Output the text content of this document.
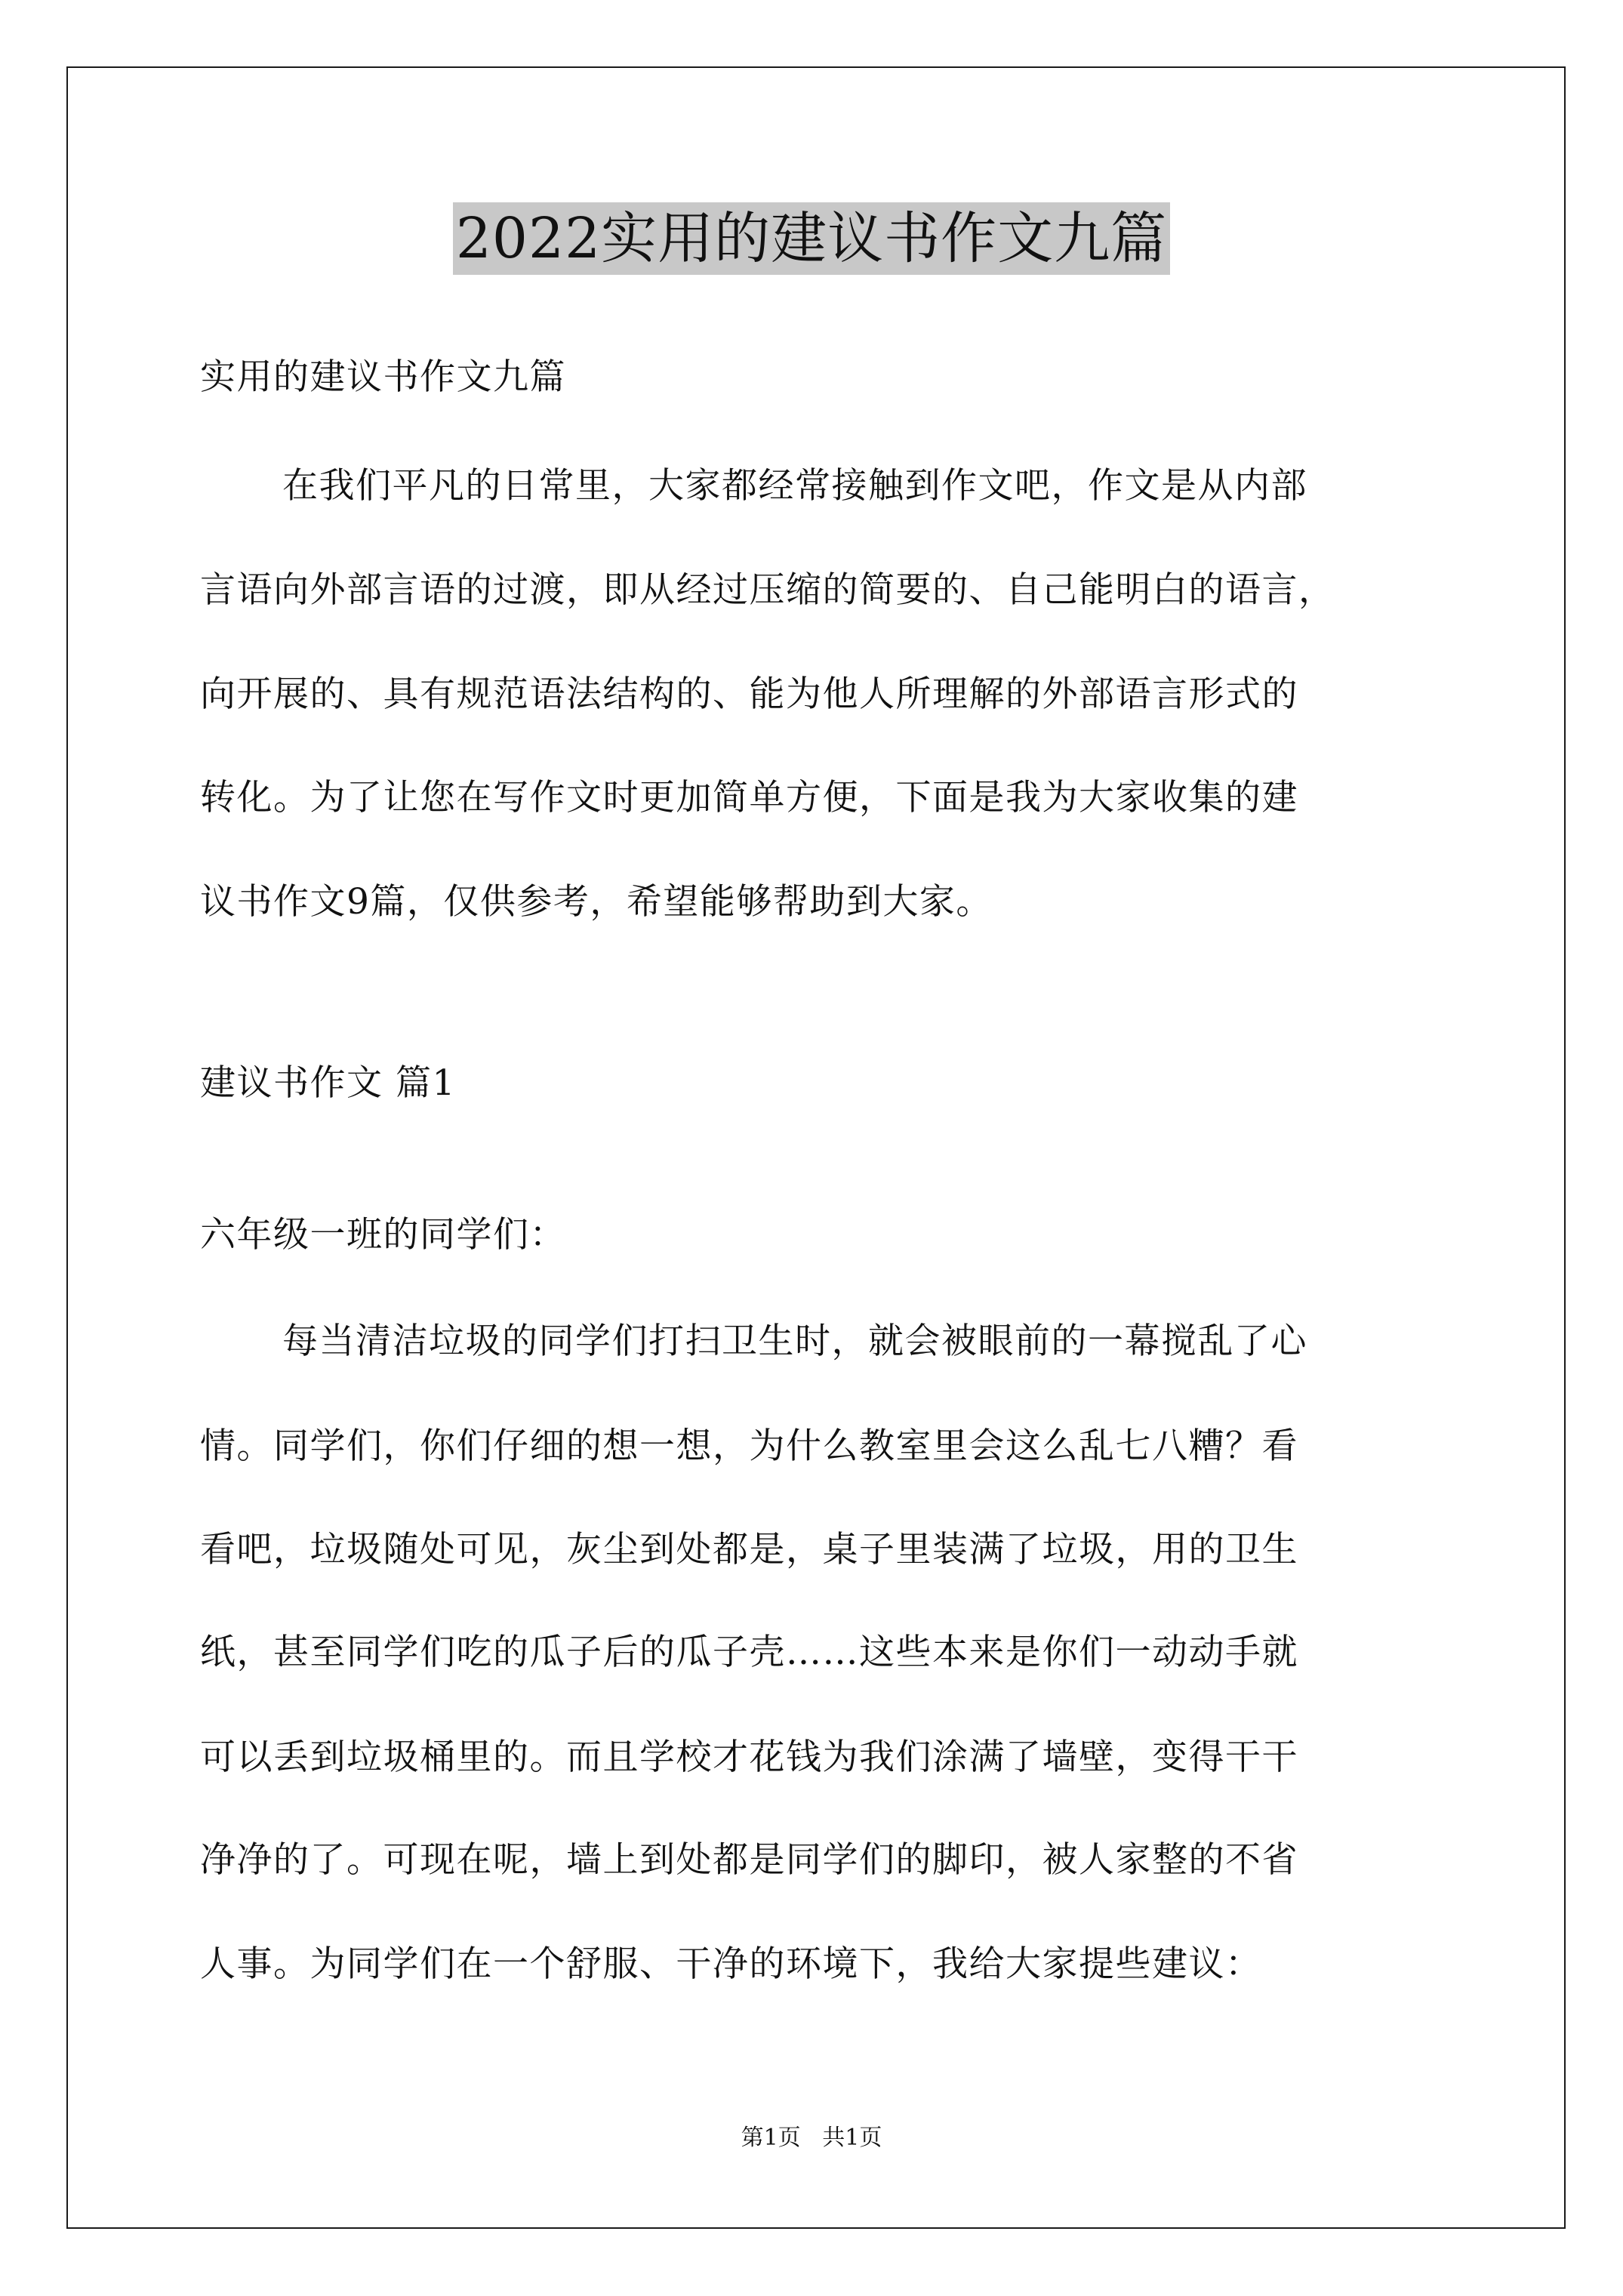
2022实用的建议书作文九篇
实用的建议书作文九篇
在我们平凡的日常里，大家都经常接触到作文吧，作文是从内部
言语向外部言语的过渡，即从经过压缩的简要的、自己能明白的语言，
向开展的、具有规范语法结构的、能为他人所理解的外部语言形式的
转化。为了让您在写作文时更加简单方便，下面是我为大家收集的建
议书作文9篇，仅供参考，希望能够帮助到大家。
建议书作文 篇1
六年级一班的同学们：
每当清洁垃圾的同学们打扫卫生时，就会被眼前的一幕搅乱了心
情。同学们，你们仔细的想一想，为什么教室里会这么乱七八糟？看
看吧，垃圾随处可见，灰尘到处都是，桌子里装满了垃圾，用的卫生
纸，甚至同学们吃的瓜子后的瓜子壳……这些本来是你们一动动手就
可以丢到垃圾桶里的。而且学校才花钱为我们涂满了墙壁，变得干干
净净的了。可现在呢，墙上到处都是同学们的脚印，被人家整的不省
人事。为同学们在一个舒服、干净的环境下，我给大家提些建议：
第1页   共1页
